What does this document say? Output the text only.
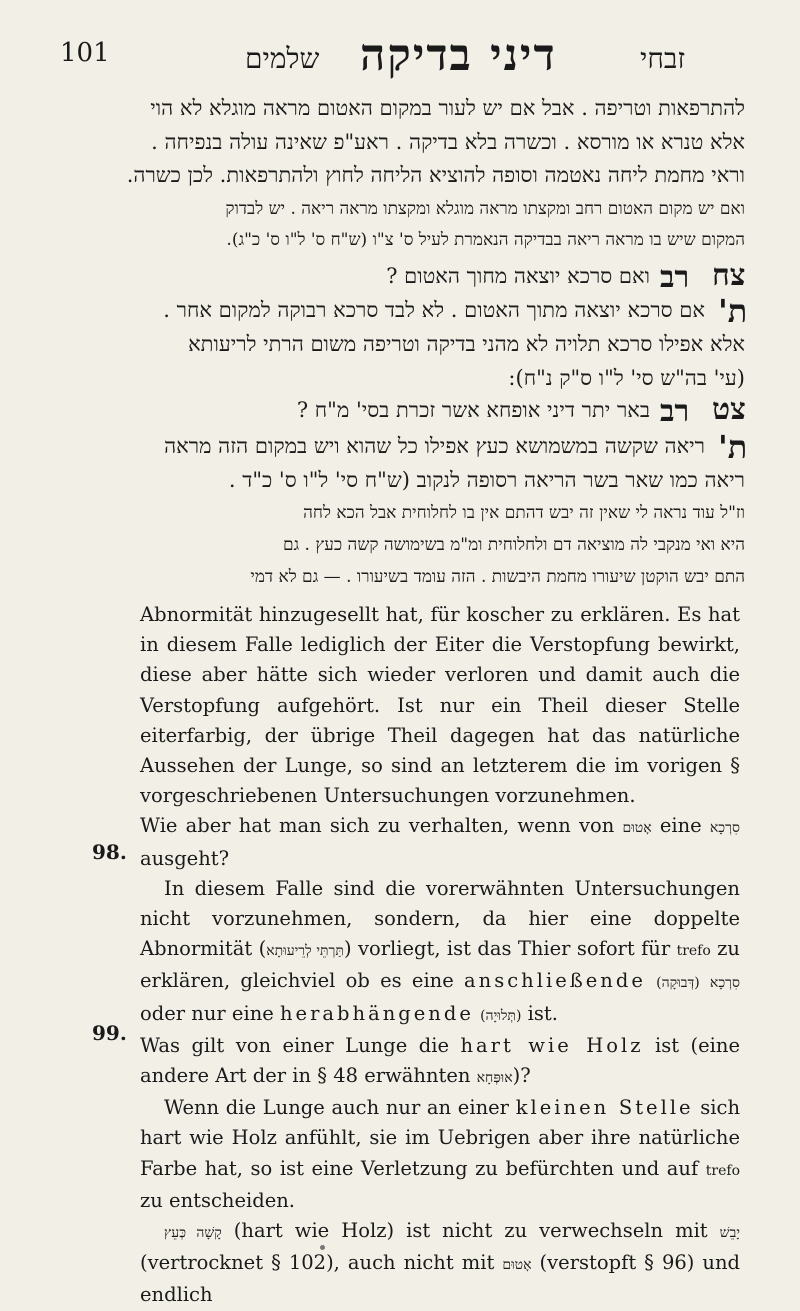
101	שלמים דיני בדיקה	זבחי
להתרפאות וטריפה . אבל אם יש לעור במקום האטום מראה מוגלא לא הוי
אלא טנרא או מורסא . וכשרה בלא בדיקה . ראע"פ שאינה עולה בנפיחה .
וראי מחמת ליחה נאטמה וסופה להוציא הליחה לחוץ ולהתרפאות. לכן כשרה.
ואם יש מקום האטום רחב ומקצתו מראה מוגלא ומקצתו מראה ריאה . יש לבדוק
המקום שיש בו מראה ריאה בבדיקה הנאמרת לעיל ס' צ"ו (ש"ח ס' ל"ו ס' כ"ג).
צח
רב
ואם סרכא יוצאה מחוך האטום ?
ת'
אם סרכא יוצאה מתוך האטום . לא לבד סרכא רבוקה למקום אחר .
אלא אפילו סרכא תלויה לא מהני בדיקה וטריפה משום הרתי לריעותא
(עי' בה"ש סי' ל"ו ס"ק נ"ח):
צט
רב
באר יתר דיני אופחא אשר זכרת בסי' מ"ח ?
ת'
ריאה שקשה במשמושא כעץ אפילו כל שהוא ויש במקום הזה מראה
ריאה כמו שאר בשר הריאה רסופה לנקוב (ש"ח סי' ל"ו ס' כ"ד .
וז"ל עוד נראה לי שאין זה יבש דהתם אין בו לחלוחית אבל הכא לחה
היא ואי מנקבי לה מוציאה דם ולחלוחית ומ"מ בשימושה קשה כעץ . גם
התם יבש הוקטן שיעורו מחמת היבשות . הזה עומד בשיעורו . — גם לא דמי

Abnormität hinzugesellt hat, für koscher zu erklären. Es hat in diesem Falle lediglich der Eiter die Verstopfung bewirkt, diese aber hätte sich wieder verloren und damit auch die Verstopfung aufgehört. Ist nur ein Theil dieser Stelle eiterfarbig, der übrige Theil dagegen hat das natürliche Aussehen der Lunge, so sind an letzterem die im vorigen § vorgeschriebenen Untersuchungen vorzunehmen.

Wie aber hat man sich zu verhalten, wenn von אָטוּם eine סִרְכָא ausgeht?

In diesem Falle sind die vorerwähnten Untersuchungen nicht vorzunehmen, sondern, da hier eine doppelte Abnormität (תַּרְתֵּי לְרֵיעוּתָא) vorliegt, ist das Thier sofort für trefo zu erklären, gleichviel ob es eine anschließende	סִרְכָא (דְּבוּקָה) oder nur eine herabhängende (תְּלוּיָה) ist.

Was gilt von einer Lunge die hart wie Holz ist (eine andere Art der in § 48 erwähnten אוּפְּחָא)?

Wenn die Lunge auch nur an einer kleinen Stelle sich hart wie Holz anfühlt, sie im Uebrigen aber ihre natürliche Farbe hat, so ist eine Verletzung zu befürchten und auf trefo zu entscheiden.

קָשָׁה כְּעֵץ (hart wie Holz) ist nicht zu verwechseln mit יָבֵשׁ (vertrocknet § 102), auch nicht mit אָטוּם (verstopft § 96) und endlich

98.
99.
